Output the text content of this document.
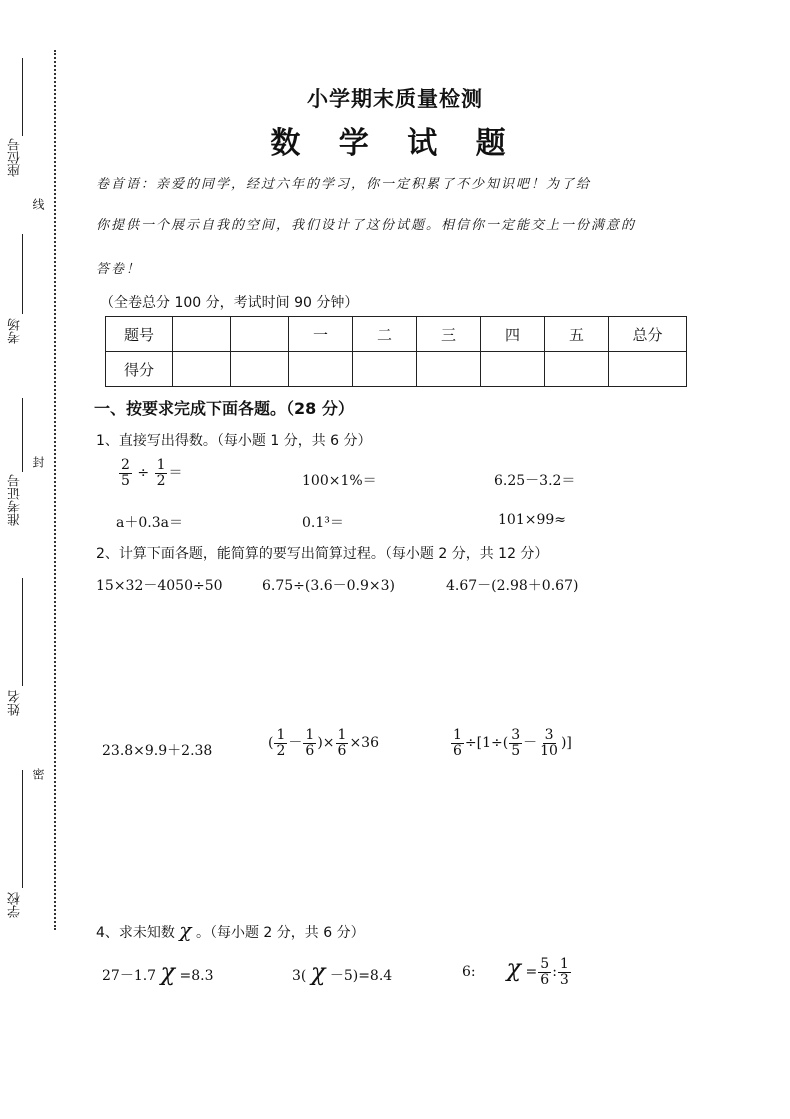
座位号
考场
准考证号
姓名
学校
线
封
密
小学期末质量检测
数 学 试 题
卷首语：亲爱的同学，经过六年的学习，你一定积累了不少知识吧！为了给
你提供一个展示自我的空间，我们设计了这份试题。相信你一定能交上一份满意的
答卷！
（全卷总分 100 分，考试时间 90 分钟）
题号			一	二	三	四	五	总分
得分								
一、按要求完成下面各题。（28 分）
1、直接写出得数。（每小题 1 分，共 6 分）
$\frac{2}{5} \div \frac{1}{2}$ ＝	100×1%＝	6.25－3.2＝
a＋0.3a＝	0.1³＝	101×99≈
2、计算下面各题，能简算的要写出简算过程。（每小题 2 分，共 12 分）
15×32－4050÷50	6.75÷(3.6－0.9×3)	4.67－(2.98＋0.67)
23.8×9.9＋2.38	( $\frac{1}{2} - \frac{1}{6}$ )× $\frac{1}{6} \times 36$	$\frac{1}{6} \div[1\div( \frac{3}{5} - \frac{3}{10}$ )]
4、求未知数 χ 。（每小题 2 分，共 6 分）
27－1.7 χ =8.3	3( χ －5)=8.4	6: $\chi = \frac{5}{6}$ : $\frac{1}{3}$
